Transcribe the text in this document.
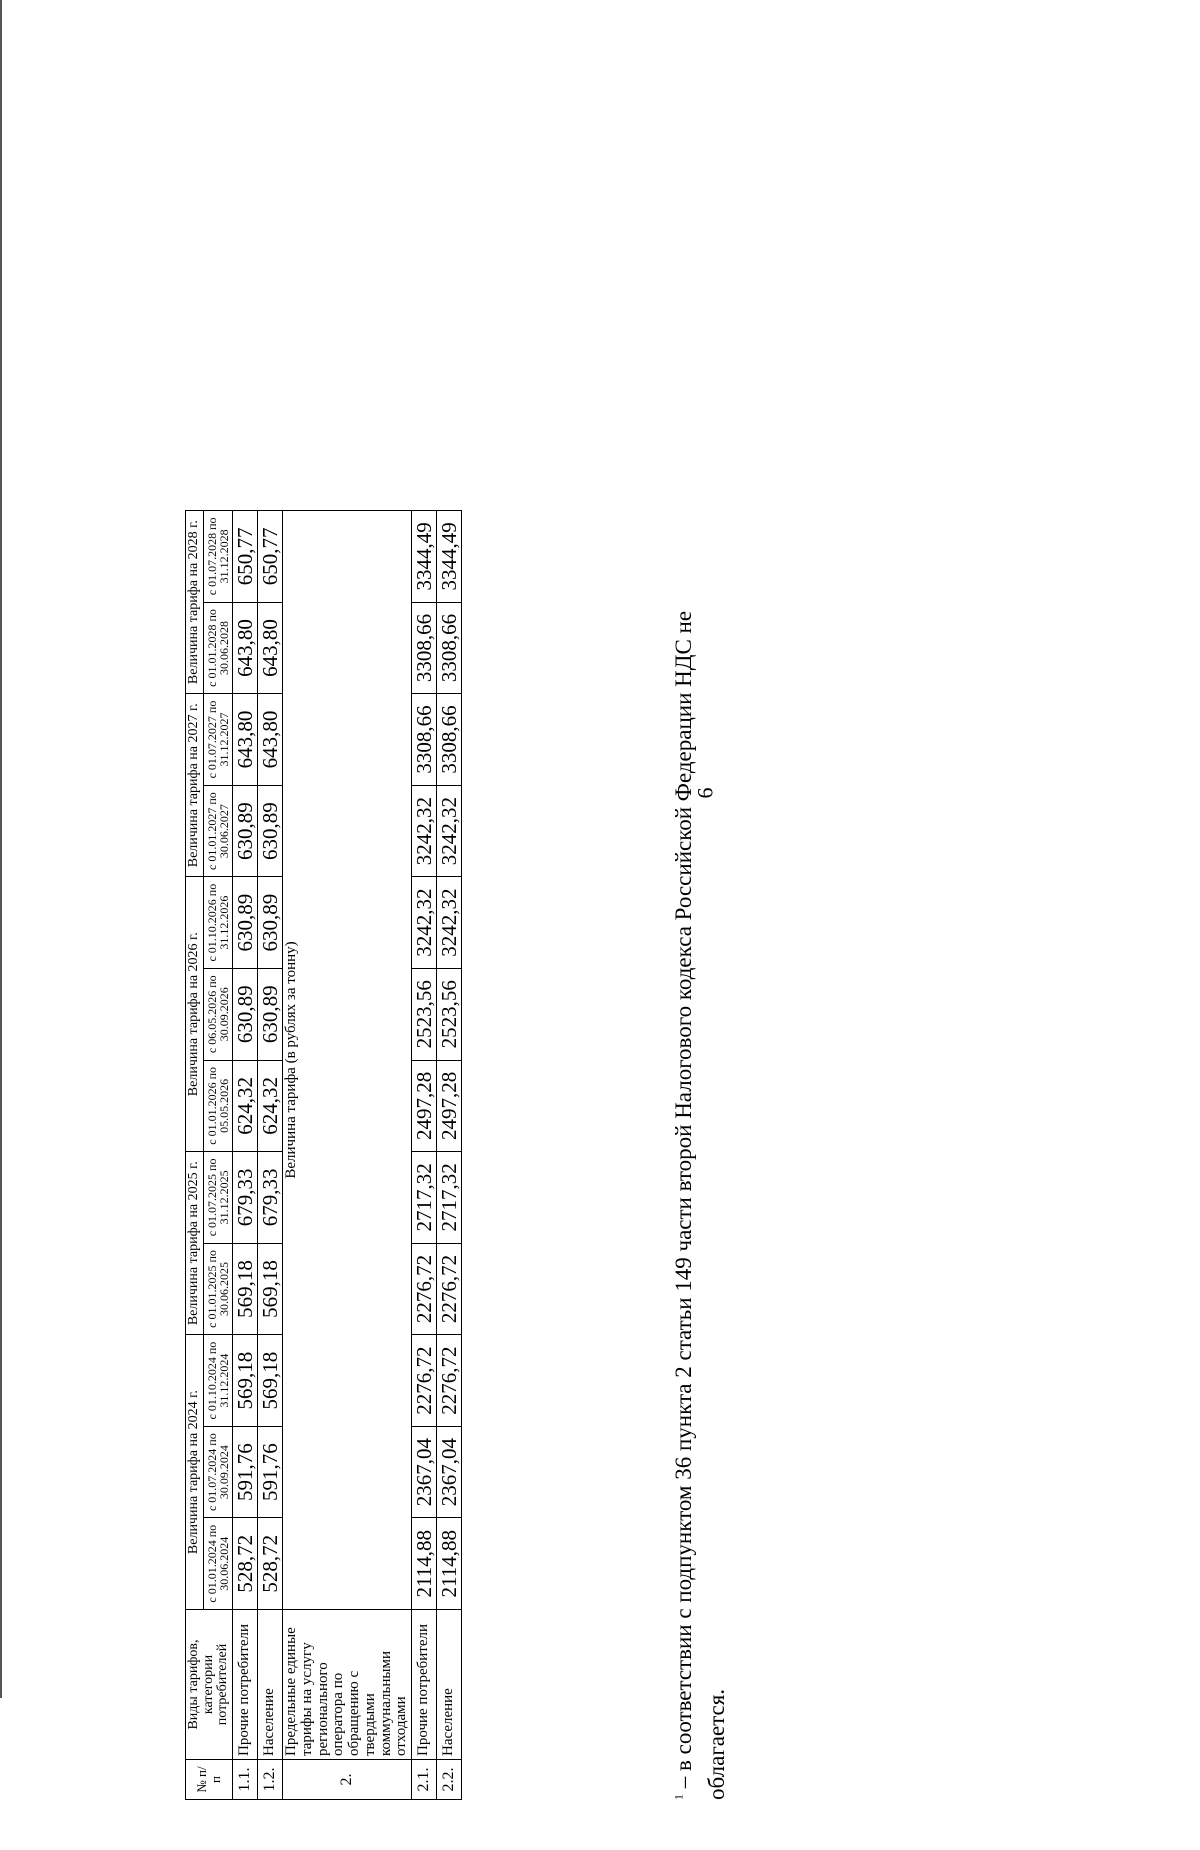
6
№ п/п	Виды тарифов, категории потребителей	Величина тарифа на 2024 г.			Величина тарифа на 2025 г.		Величина тарифа на 2026 г.			Величина тарифа на 2027 г.		Величина тарифа на 2028 г.	
		с 01.01.2024 по 30.06.2024	с 01.07.2024 по 30.09.2024	с 01.10.2024 по 31.12.2024	с 01.01.2025 по 30.06.2025	с 01.07.2025 по 31.12.2025	с 01.01.2026 по 05.05.2026	с 06.05.2026 по 30.09.2026	с 01.10.2026 по 31.12.2026	с 01.01.2027 по 30.06.2027	с 01.07.2027 по 31.12.2027	с 01.01.2028 по 30.06.2028	с 01.07.2028 по 31.12.2028
1.1.	Прочие потребители	528,72	591,76	569,18	569,18	679,33	624,32	630,89	630,89	630,89	643,80	643,80	650,77
1.2.	Население	528,72	591,76	569,18	569,18	679,33	624,32	630,89	630,89	630,89	643,80	643,80	650,77
2.	Предельные единые тарифы на услугу регионального оператора по обращению с твердыми коммунальными отходами	Величина тарифа (в рублях за тонну)											
2.1.	Прочие потребители	2114,88	2367,04	2276,72	2276,72	2717,32	2497,28	2523,56	3242,32	3242,32	3308,66	3308,66	3344,49
2.2.	Население	2114,88	2367,04	2276,72	2276,72	2717,32	2497,28	2523,56	3242,32	3242,32	3308,66	3308,66	3344,49
$^1$ – в соответствии с подпунктом 36 пункта 2 статьи 149 части второй Налогового кодекса Российской Федерации НДС не облагается.
